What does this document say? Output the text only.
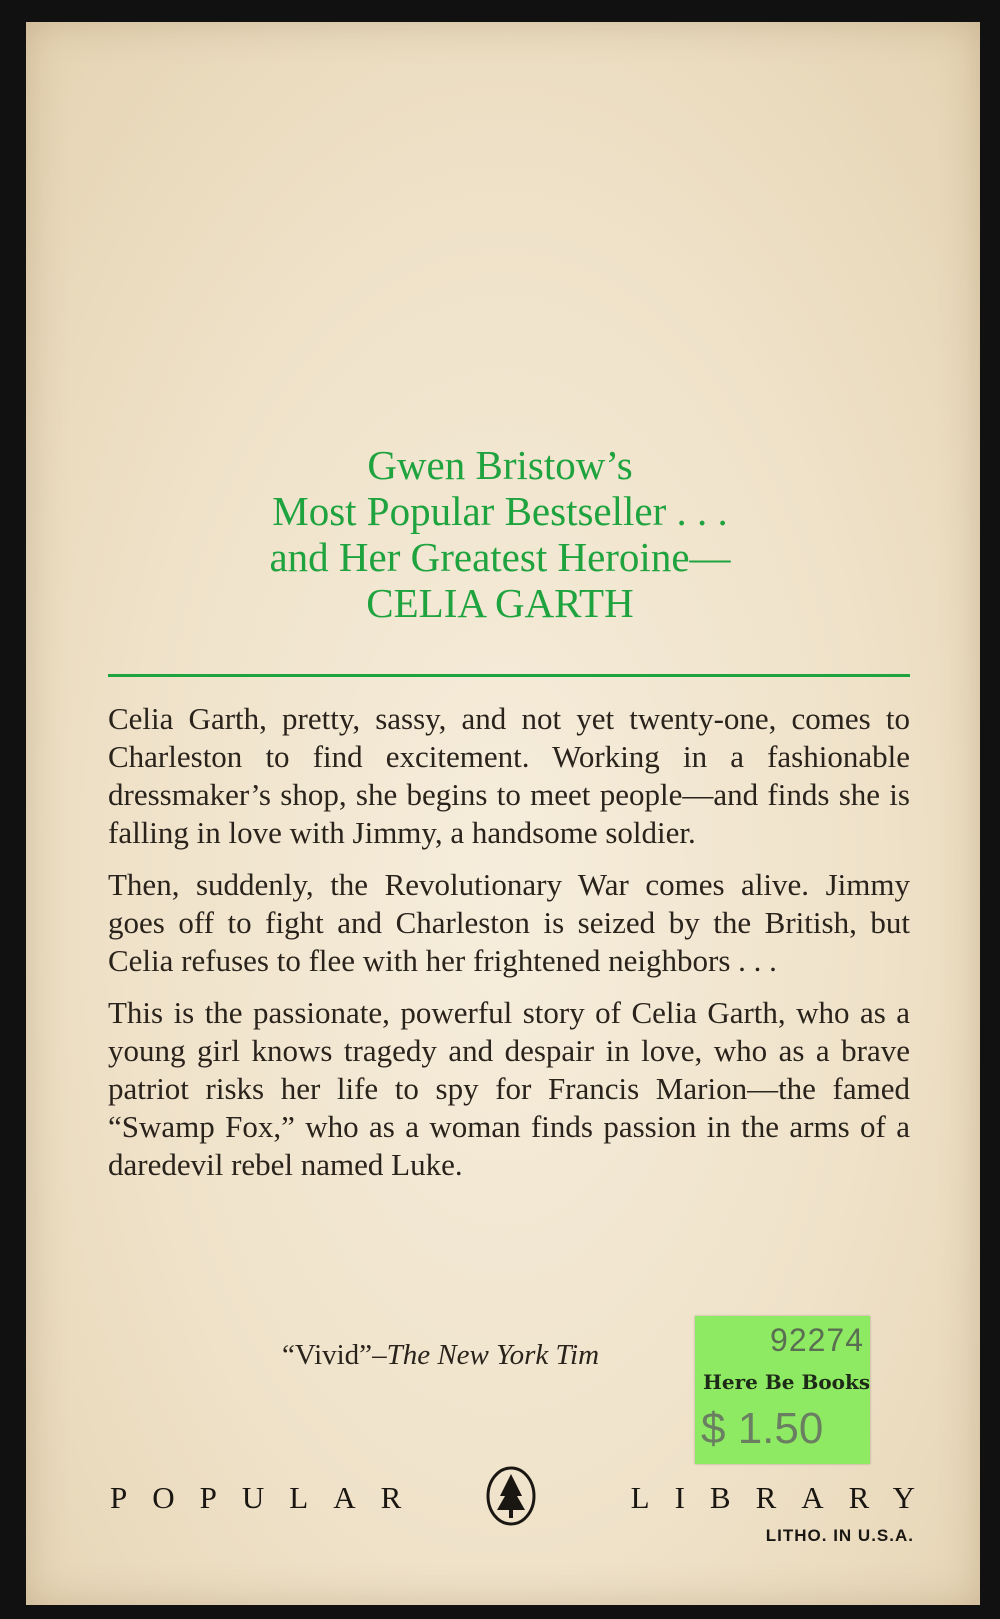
Gwen Bristow’s
Most Popular Bestseller . . .
and Her Greatest Heroine—
CELIA GARTH

Celia Garth, pretty, sassy, and not yet twenty-one, comes to Charleston to find excitement. Working in a fashionable dressmaker’s shop, she begins to meet people—and finds she is falling in love with Jimmy, a handsome soldier.

Then, suddenly, the Revolutionary War comes alive. Jimmy goes off to fight and Charleston is seized by the British, but Celia refuses to flee with her frightened neighbors . . .

This is the passionate, powerful story of Celia Garth, who as a young girl knows tragedy and despair in love, who as a brave patriot risks her life to spy for Francis Marion—the famed “Swamp Fox,” who as a woman finds passion in the arms of a daredevil rebel named Luke.

“Vivid”–The New York Tim	92274
Here Be Books
$ 1.50
POPULAR	LIBRARY
LITHO. IN U.S.A.
